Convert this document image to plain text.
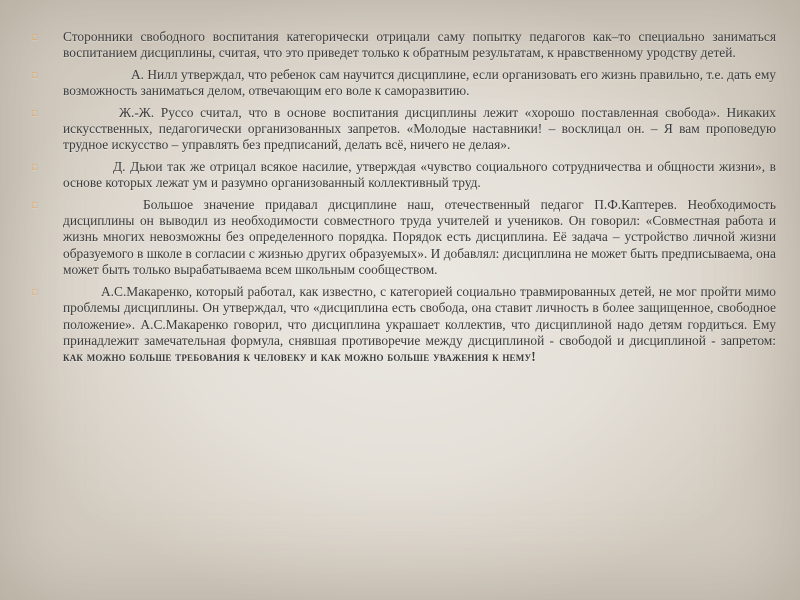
□ Сторонники свободного воспитания категорически отрицали саму попытку педагогов как–то специально заниматься воспитанием дисциплины, считая, что это приведет только к обратным результатам, к нравственному уродству детей.

□	А. Нилл утверждал, что ребенок сам научится дисциплине, если организовать его жизнь правильно, т.е. дать ему возможность заниматься делом, отвечающим его воле к саморазвитию.

□	Ж.-Ж. Руссо считал, что в основе воспитания дисциплины лежит «хорошо поставленная свобода». Никаких искусственных, педагогически организованных запретов. «Молодые наставники! – восклицал он. – Я вам проповедую трудное искусство – управлять без предписаний, делать всё, ничего не делая».

□	Д. Дьюи так же отрицал всякое насилие, утверждая «чувство социального сотрудничества и общности жизни», в основе которых лежат ум и разумно организованный коллективный труд.

□	Большое значение придавал дисциплине наш, отечественный педагог П.Ф.Каптерев. Необходимость дисциплины он выводил из необходимости совместного труда учителей и учеников. Он говорил: «Совместная работа и жизнь многих невозможны без определенного порядка. Порядок есть дисциплина. Её задача – устройство личной жизни образуемого в школе в согласии с жизнью других образуемых». И добавлял: дисциплина не может быть предписываема, она может быть только вырабатываема всем школьным сообществом.

□	А.С.Макаренко, который работал, как известно, с категорией социально травмированных детей, не мог пройти мимо проблемы дисциплины. Он утверждал, что «дисциплина есть свобода, она ставит личность в более защищенное, свободное положение». А.С.Макаренко говорил, что дисциплина украшает коллектив, что дисциплиной надо детям гордиться. Ему принадлежит замечательная формула, снявшая противоречие между дисциплиной - свободой и дисциплиной - запретом: как можно больше требования к человеку и как можно больше уважения к нему!
